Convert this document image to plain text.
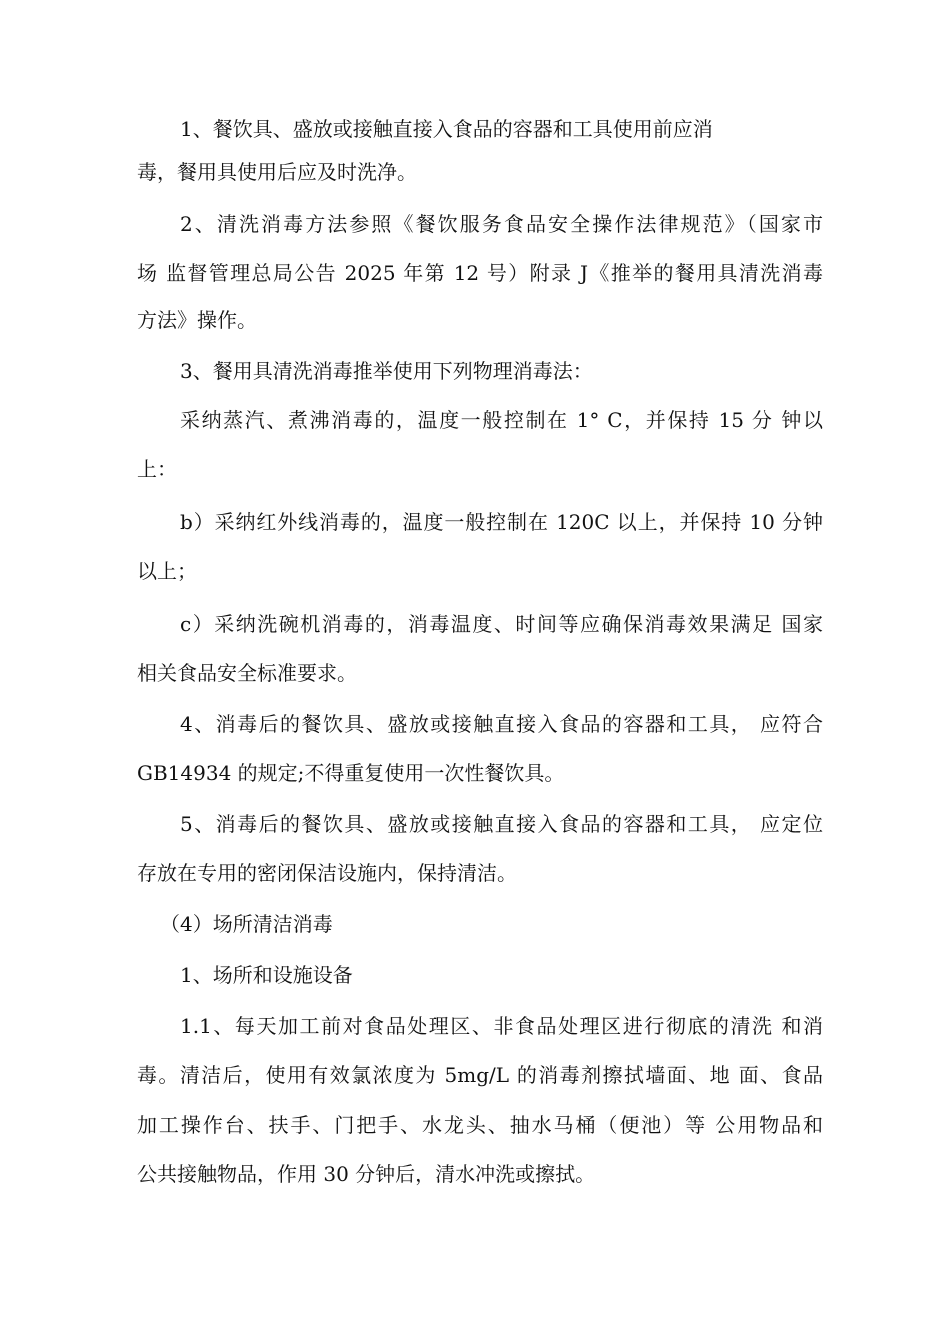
1、餐饮具、盛放或接触直接入食品的容器和工具使用前应消
毒，餐用具使用后应及时洗净。
2、清洗消毒方法参照《餐饮服务食品安全操作法律规范》（国家市
场 监督管理总局公告 2025 年第 12 号）附录 J《推举的餐用具清洗消毒
方法》操作。
3、餐用具清洗消毒推举使用下列物理消毒法：
采纳蒸汽、煮沸消毒的，温度一般控制在 1° C，并保持 15 分 钟以
上：
b）采纳红外线消毒的，温度一般控制在 120C 以上，并保持 10 分钟
以上；
c）采纳洗碗机消毒的，消毒温度、时间等应确保消毒效果满足 国家
相关食品安全标准要求。
4、消毒后的餐饮具、盛放或接触直接入食品的容器和工具， 应符合
GB14934 的规定;不得重复使用一次性餐饮具。
5、消毒后的餐饮具、盛放或接触直接入食品的容器和工具， 应定位
存放在专用的密闭保洁设施内，保持清洁。
（4）场所清洁消毒
1、场所和设施设备
1.1、每天加工前对食品处理区、非食品处理区进行彻底的清洗 和消
毒。清洁后，使用有效氯浓度为 5mg/L 的消毒剂擦拭墙面、地 面、食品
加工操作台、扶手、门把手、水龙头、抽水马桶（便池）等 公用物品和
公共接触物品，作用 30 分钟后，清水冲洗或擦拭。
